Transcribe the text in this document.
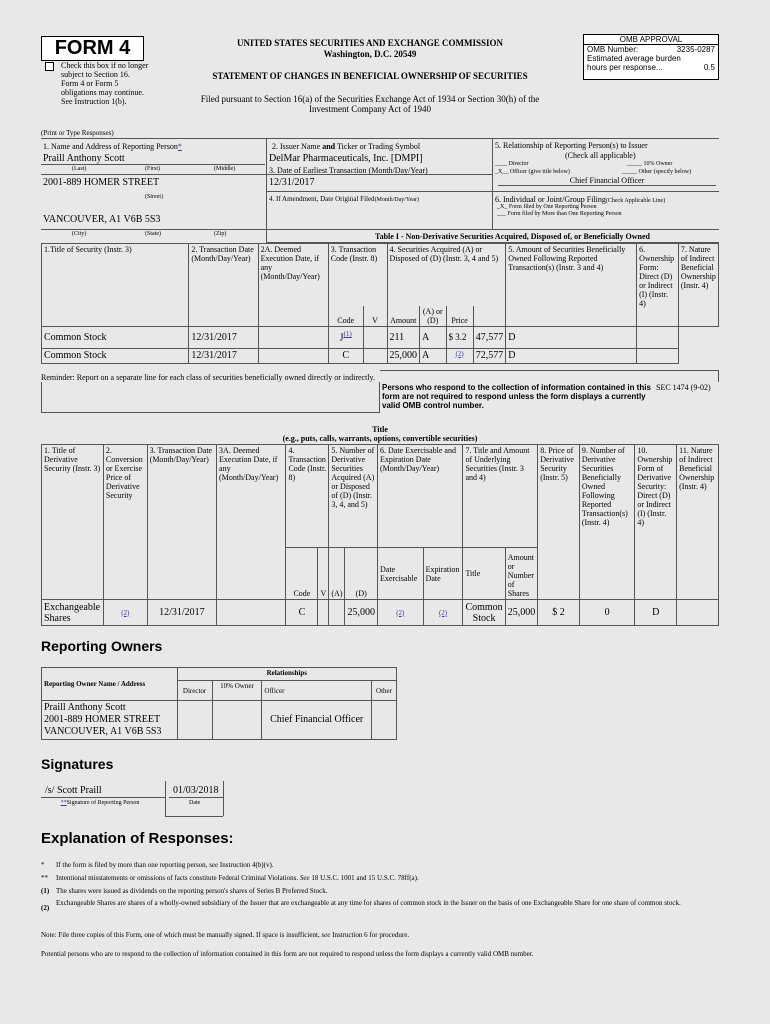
FORM 4
Check this box if no longer subject to Section 16. Form 4 or Form 5 obligations may continue. See Instruction 1(b).
UNITED STATES SECURITIES AND EXCHANGE COMMISSION
Washington, D.C. 20549
STATEMENT OF CHANGES IN BENEFICIAL OWNERSHIP OF SECURITIES
Filed pursuant to Section 16(a) of the Securities Exchange Act of 1934 or Section 30(h) of the Investment Company Act of 1940
OMB APPROVAL
OMB Number:	3235-0287
Estimated average burden
hours per response...	0.5
(Print or Type Responses)
1. Name and Address of Reporting Person*
Praill Anthony Scott
(Last)	(First)	(Middle)
2001-889 HOMER STREET
(Street)
VANCOUVER, A1 V6B 5S3
(City)	(State)	(Zip)
2. Issuer Name and Ticker or Trading Symbol
DelMar Pharmaceuticals, Inc. [DMPI]
3. Date of Earliest Transaction (Month/Day/Year)
12/31/2017
4. If Amendment, Date Original Filed(Month/Day/Year)
5. Relationship of Reporting Person(s) to Issuer
(Check all applicable)
____ Director	_____ 10% Owner
_X__ Officer (give title below)	_____ Other (specify below)
Chief Financial Officer
6. Individual or Joint/Group Filing(Check Applicable Line)
_X_ Form filed by One Reporting Person
___ Form filed by More than One Reporting Person
Table I - Non-Derivative Securities Acquired, Disposed of, or Beneficially Owned
1.Title of Security (Instr. 3)	2. Transaction Date (Month/Day/Year)	2A. Deemed Execution Date, if any (Month/Day/Year)	3. Transaction Code (Instr. 8)		4. Securities Acquired (A) or Disposed of (D) (Instr. 3, 4 and 5)				5. Amount of Securities Beneficially Owned Following Reported Transaction(s) (Instr. 3 and 4)	6. Ownership Form: Direct (D) or Indirect (I) (Instr. 4)	7. Nature of Indirect Beneficial Ownership (Instr. 4)
			Code	V	Amount	(A) or (D)	Price			
Common Stock	12/31/2017		$J^{(1)}$		211	A	$ 3.2	47,577	D		
Common Stock	12/31/2017		C		25,000	A	(2)	72,577	D		
Reminder: Report on a separate line for each class of securities beneficially owned directly or indirectly.
Persons who respond to the collection of information contained in this form are not required to respond unless the form displays a currently valid OMB control number.
SEC 1474 (9-02)
Title
(e.g., puts, calls, warrants, options, convertible securities)
1. Title of Derivative Security (Instr. 3)	2. Conversion or Exercise Price of Derivative Security	3. Transaction Date (Month/Day/Year)	3A. Deemed Execution Date, if any (Month/Day/Year)	4. Transaction Code (Instr. 8)		5. Number of Derivative Securities Acquired (A) or Disposed of (D) (Instr. 3, 4, and 5)		6. Date Exercisable and Expiration Date (Month/Day/Year)		7. Title and Amount of Underlying Securities (Instr. 3 and 4)		8. Price of Derivative Security (Instr. 5)	9. Number of Derivative Securities Beneficially Owned Following Reported Transaction(s) (Instr. 4)	10. Ownership Form of Derivative Security: Direct (D) or Indirect (I) (Instr. 4)	11. Nature of Indirect Beneficial Ownership (Instr. 4)
				Code	V	(A)	(D)	Date Exercisable	Expiration Date	Title	Amount or Number of Shares				
Exchangeable Shares	(2)	12/31/2017		C			25,000	(2)	(2)	Common Stock	25,000	$ 2	0	D	
Reporting Owners
Reporting Owner Name / Address	Relationships			
	Director	10% Owner	Officer	Other

Praill Anthony Scott
2001-889 HOMER STREET
VANCOUVER, A1 V6B 5S3			Chief Financial Officer	
Signatures
/s/ Scott Praill	01/03/2018
**Signature of Reporting Person	Date
Explanation of Responses:
* If the form is filed by more than one reporting person, see Instruction 4(b)(v).
** Intentional misstatements or omissions of facts constitute Federal Criminal Violations. See 18 U.S.C. 1001 and 15 U.S.C. 78ff(a).
(1) The shares were issued as dividends on the reporting person's shares of Series B Preferred Stock.
(2)
Exchangeable Shares are shares of a wholly-owned subsidiary of the Issuer that are exchangeable at any time for shares of common stock in the Issuer on the basis of one Exchangeable Share for one share of common stock.
Note: File three copies of this Form, one of which must be manually signed. If space is insufficient, see Instruction 6 for procedure.
Potential persons who are to respond to the collection of information contained in this form are not required to respond unless the form displays a currently valid OMB number.
